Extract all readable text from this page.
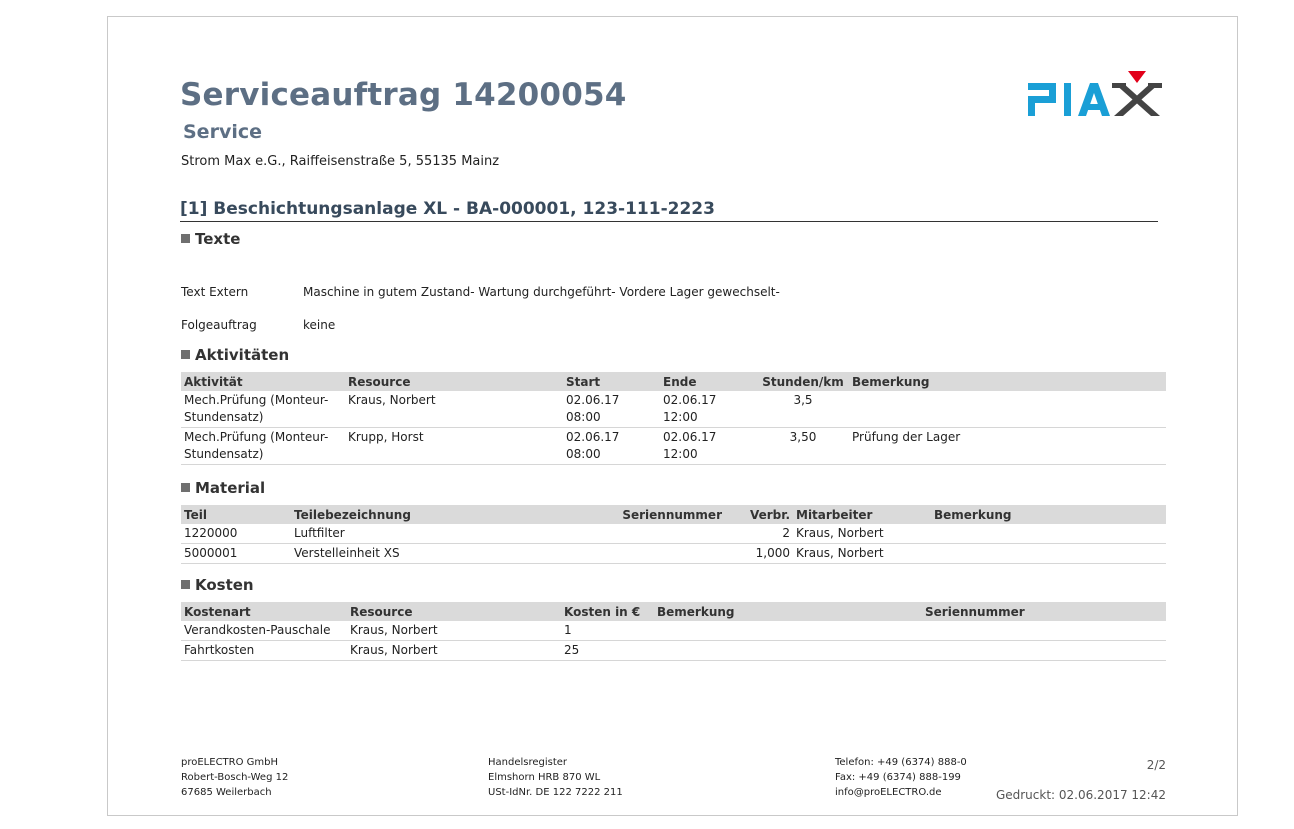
Serviceauftrag 14200054
Service
Strom Max e.G., Raiffeisenstraße 5, 55135 Mainz
[1] Beschichtungsanlage XL - BA-000001, 123-111-2223
Texte
Text Extern	Maschine in gutem Zustand- Wartung durchgeführt- Vordere Lager gewechselt-
Folgeauftrag	keine
Aktivitäten
Aktivität	Resource	Start	Ende	Stunden/km	Bemerkung
Mech.Prüfung (Monteur-Stundensatz)	Kraus, Norbert	02.06.17 08:00	02.06.17 12:00	3,5	
Mech.Prüfung (Monteur-Stundensatz)	Krupp, Horst	02.06.17 08:00	02.06.17 12:00	3,50	Prüfung der Lager
Material
Teil	Teilebezeichnung	Seriennummer	Verbr.	Mitarbeiter	Bemerkung
1220000	Luftfilter		2	Kraus, Norbert	
5000001	Verstelleinheit XS		1,000	Kraus, Norbert	
Kosten
Kostenart	Resource	Kosten in €	Bemerkung	Seriennummer
Verandkosten-Pauschale	Kraus, Norbert	1		
Fahrtkosten	Kraus, Norbert	25		
proELECTRO GmbH
Robert-Bosch-Weg 12
67685 Weilerbach
Handelsregister
Elmshorn HRB 870 WL
USt-IdNr. DE 122 7222 211
Telefon: +49 (6374) 888-0
Fax: +49 (6374) 888-199
info@proELECTRO.de
2/2
Gedruckt: 02.06.2017 12:42
